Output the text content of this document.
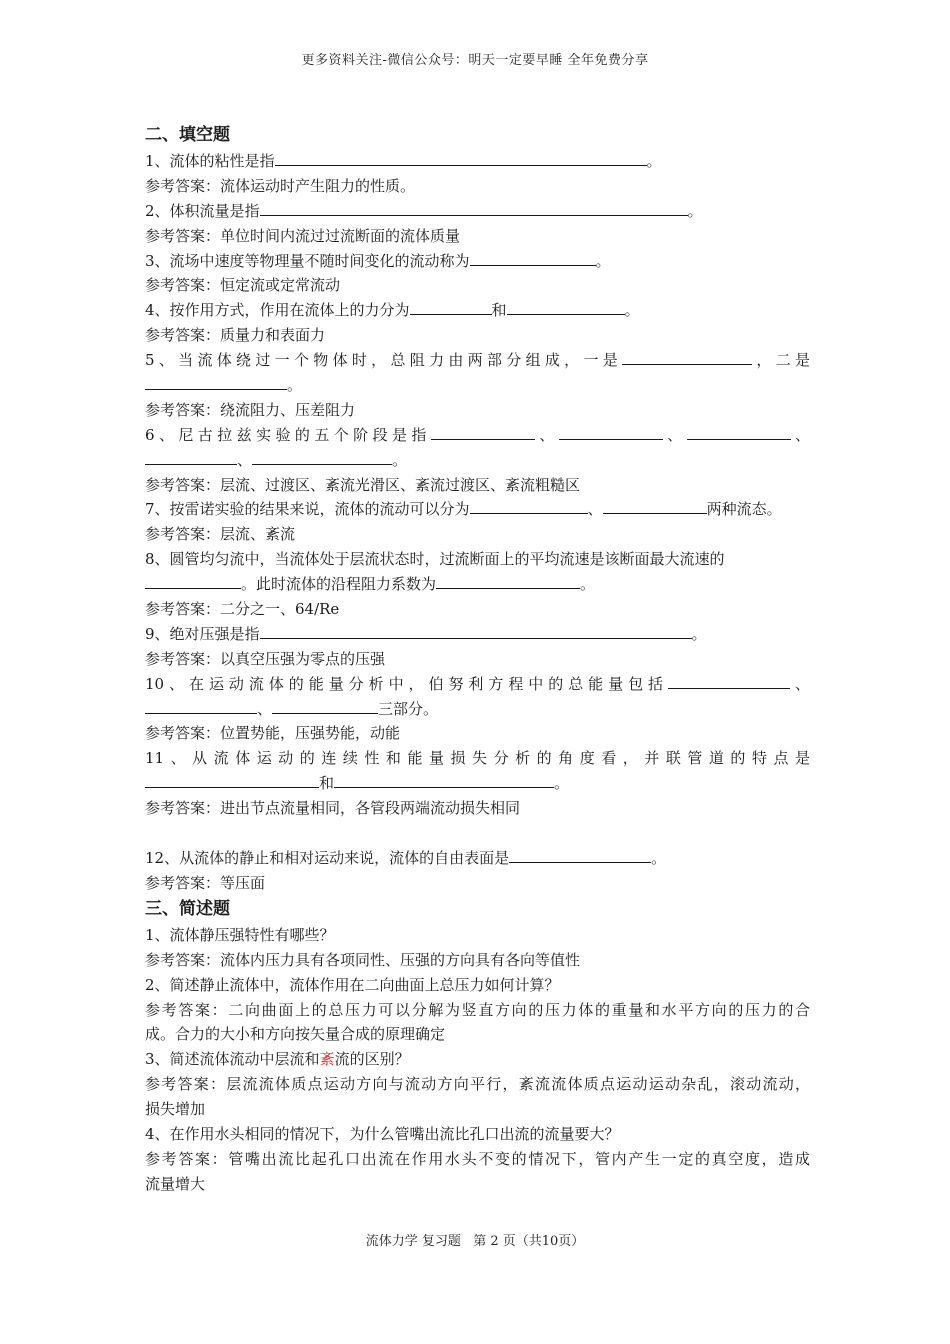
更多资料关注-微信公众号：明天一定要早睡 全年免费分享
二、填空题
1、流体的粘性是指	。
参考答案：流体运动时产生阻力的性质。
2、体积流量是指	。
参考答案：单位时间内流过过流断面的流体质量
3、流场中速度等物理量不随时间变化的流动称为	。
参考答案：恒定流或定常流动
4、按作用方式，作用在流体上的力分为	和	。
参考答案：质量力和表面力
5、当流体绕过一个物体时，总阻力由两部分组成，一是	，二是
。
参考答案：绕流阻力、压差阻力
6、尼古拉兹实验的五个阶段是指	、	、	、
、	。
参考答案：层流、过渡区、紊流光滑区、紊流过渡区、紊流粗糙区
7、按雷诺实验的结果来说，流体的流动可以分为	、	两种流态。
参考答案：层流、紊流
8、圆管均匀流中，当流体处于层流状态时，过流断面上的平均流速是该断面最大流速的
。此时流体的沿程阻力系数为	。
参考答案：二分之一、64/Re
9、绝对压强是指	。
参考答案：以真空压强为零点的压强
10、在运动流体的能量分析中，伯努利方程中的总能量包括	、
、	三部分。
参考答案：位置势能，压强势能，动能
11、从流体运动的连续性和能量损失分析的角度看，并联管道的特点是
和	。
参考答案：进出节点流量相同，各管段两端流动损失相同
12、从流体的静止和相对运动来说，流体的自由表面是	。
参考答案：等压面
三、简述题
1、流体静压强特性有哪些？
参考答案：流体内压力具有各项同性、压强的方向具有各向等值性
2、简述静止流体中，流体作用在二向曲面上总压力如何计算？
参考答案：二向曲面上的总压力可以分解为竖直方向的压力体的重量和水平方向的压力的合
成。合力的大小和方向按矢量合成的原理确定
3、简述流体流动中层流和紊流的区别？
参考答案：层流流体质点运动方向与流动方向平行，紊流流体质点运动运动杂乱，滚动流动，
损失增加
4、在作用水头相同的情况下，为什么管嘴出流比孔口出流的流量要大？
参考答案：管嘴出流比起孔口出流在作用水头不变的情况下，管内产生一定的真空度，造成
流量增大
流体力学 复习题   第 2 页（共10页）
